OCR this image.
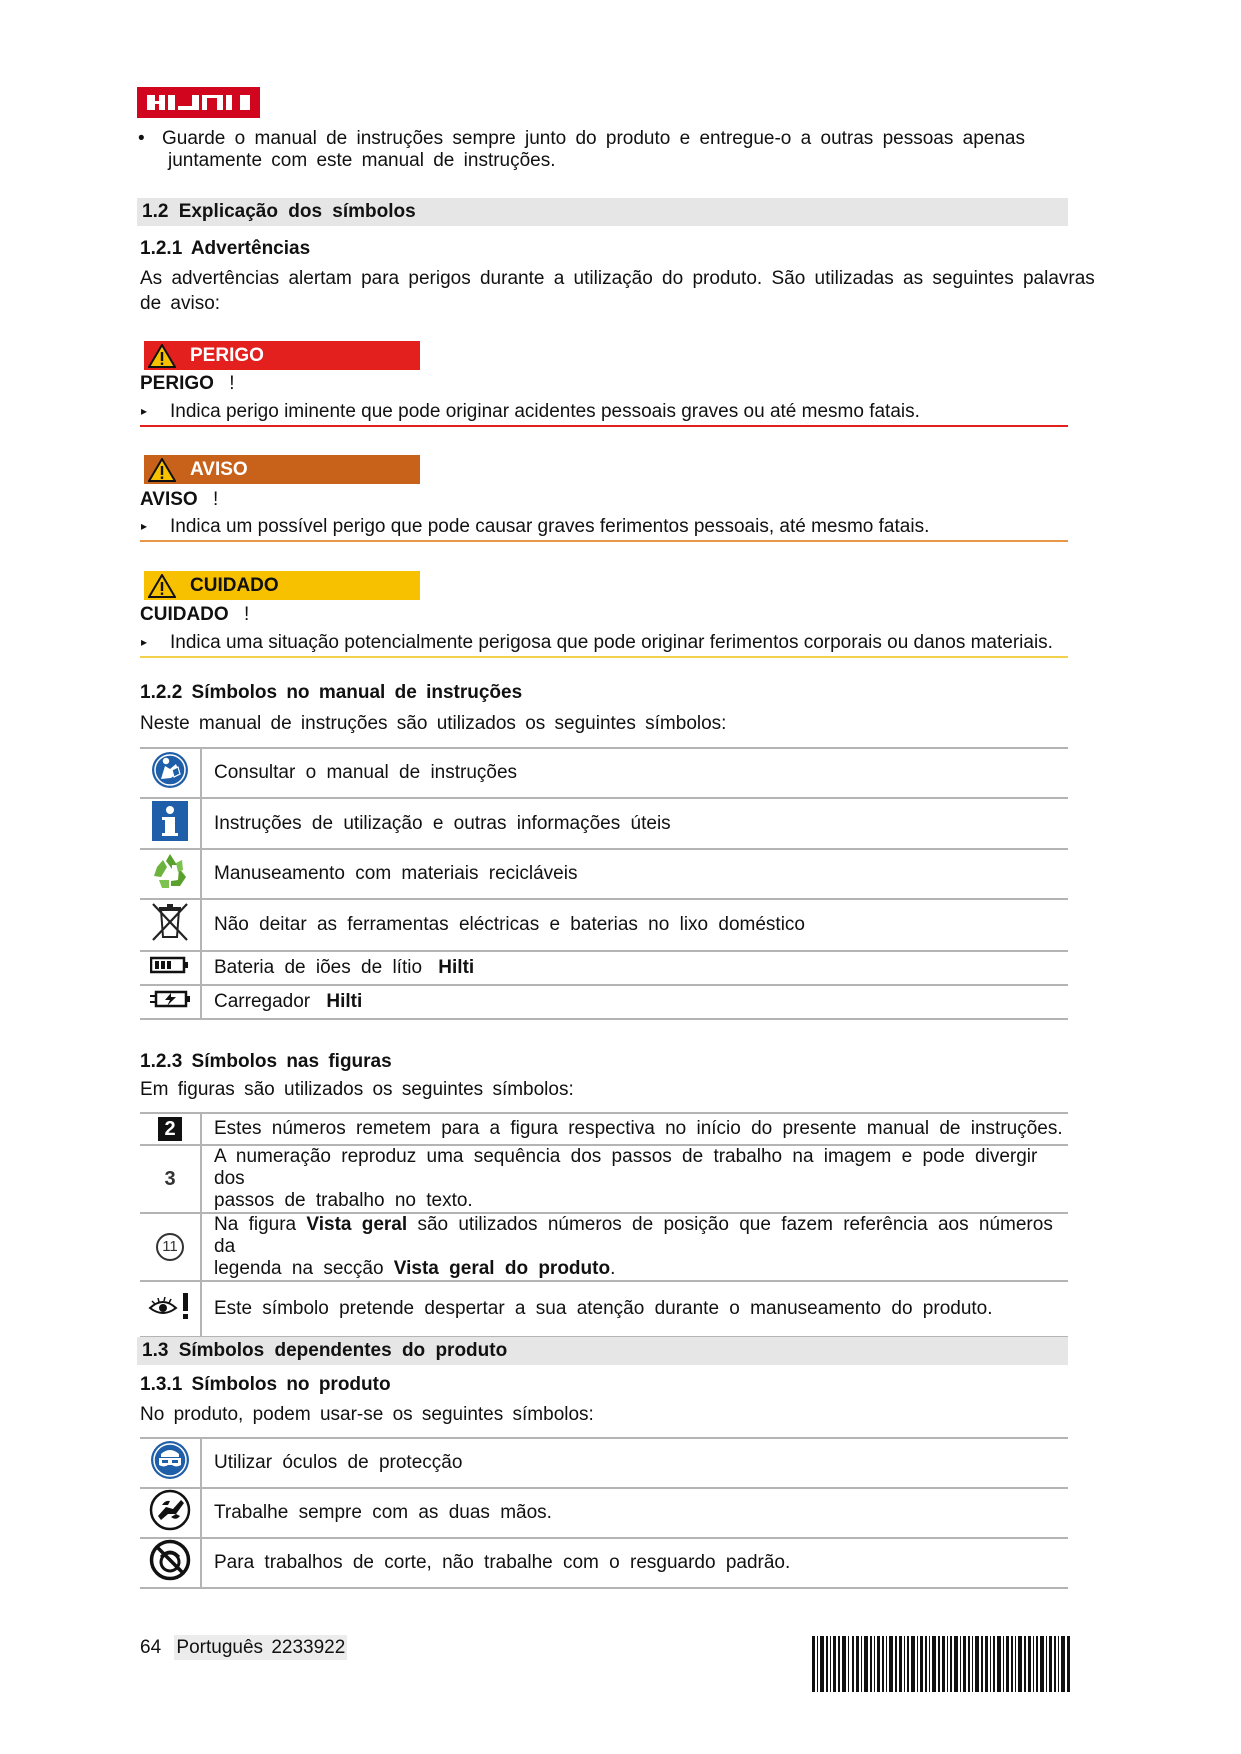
• Guarde o manual de instruções sempre junto do produto e entregue-o a outras pessoas apenas
juntamente com este manual de instruções.
1.2 Explicação dos símbolos
1.2.1 Advertências
As advertências alertam para perigos durante a utilização do produto. São utilizadas as seguintes palavras
de aviso:
PERIGO
PERIGO !
▸ Indica perigo iminente que pode originar acidentes pessoais graves ou até mesmo fatais.
AVISO
AVISO !
▸ Indica um possível perigo que pode causar graves ferimentos pessoais, até mesmo fatais.
CUIDADO
CUIDADO !
▸ Indica uma situação potencialmente perigosa que pode originar ferimentos corporais ou danos materiais.
1.2.2 Símbolos no manual de instruções
Neste manual de instruções são utilizados os seguintes símbolos:
	Consultar o manual de instruções
	Instruções de utilização e outras informações úteis
	Manuseamento com materiais recicláveis
	Não deitar as ferramentas eléctricas e baterias no lixo doméstico
	Bateria de iões de lítio Hilti
	Carregador Hilti
1.2.3 Símbolos nas figuras
Em figuras são utilizados os seguintes símbolos:
2	Estes números remetem para a figura respectiva no início do presente manual de instruções.
3	A numeração reproduz uma sequência dos passos de trabalho na imagem e pode divergir dos
passos de trabalho no texto.

11	Na figura Vista geral são utilizados números de posição que fazem referência aos números da
legenda na secção Vista geral do produto.

	Este símbolo pretende despertar a sua atenção durante o manuseamento do produto.
1.3 Símbolos dependentes do produto
1.3.1 Símbolos no produto
No produto, podem usar-se os seguintes símbolos:
	Utilizar óculos de protecção
	Trabalhe sempre com as duas mãos.
	Para trabalhos de corte, não trabalhe com o resguardo padrão.
64 Português 2233922
